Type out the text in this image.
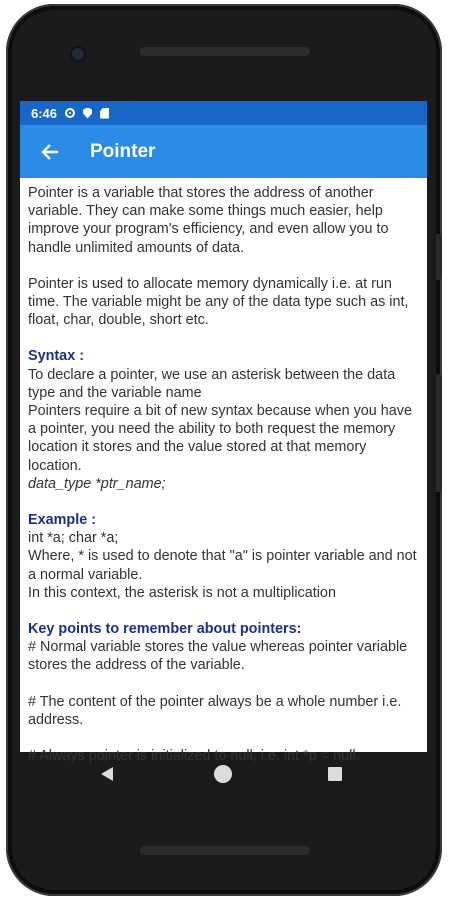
6:46
Pointer

Pointer is a variable that stores the address of another variable. They can make some things much easier, help improve your program's efficiency, and even allow you to handle unlimited amounts of data.

Pointer is used to allocate memory dynamically i.e. at run time. The variable might be any of the data type such as int, float, char, double, short etc.

Syntax :

To declare a pointer, we use an asterisk between the data type and the variable name

Pointers require a bit of new syntax because when you have a pointer, you need the ability to both request the memory location it stores and the value stored at that memory location.

data_type *ptr_name;

Example :

int *a; char *a;

Where, * is used to denote that "a" is pointer variable and not a normal variable.

In this context, the asterisk is not a multiplication

Key points to remember about pointers:

# Normal variable stores the value whereas pointer variable stores the address of the variable.

# The content of the pointer always be a whole number i.e. address.

# Always pointer is initialized to null, i.e. int *p = null.
